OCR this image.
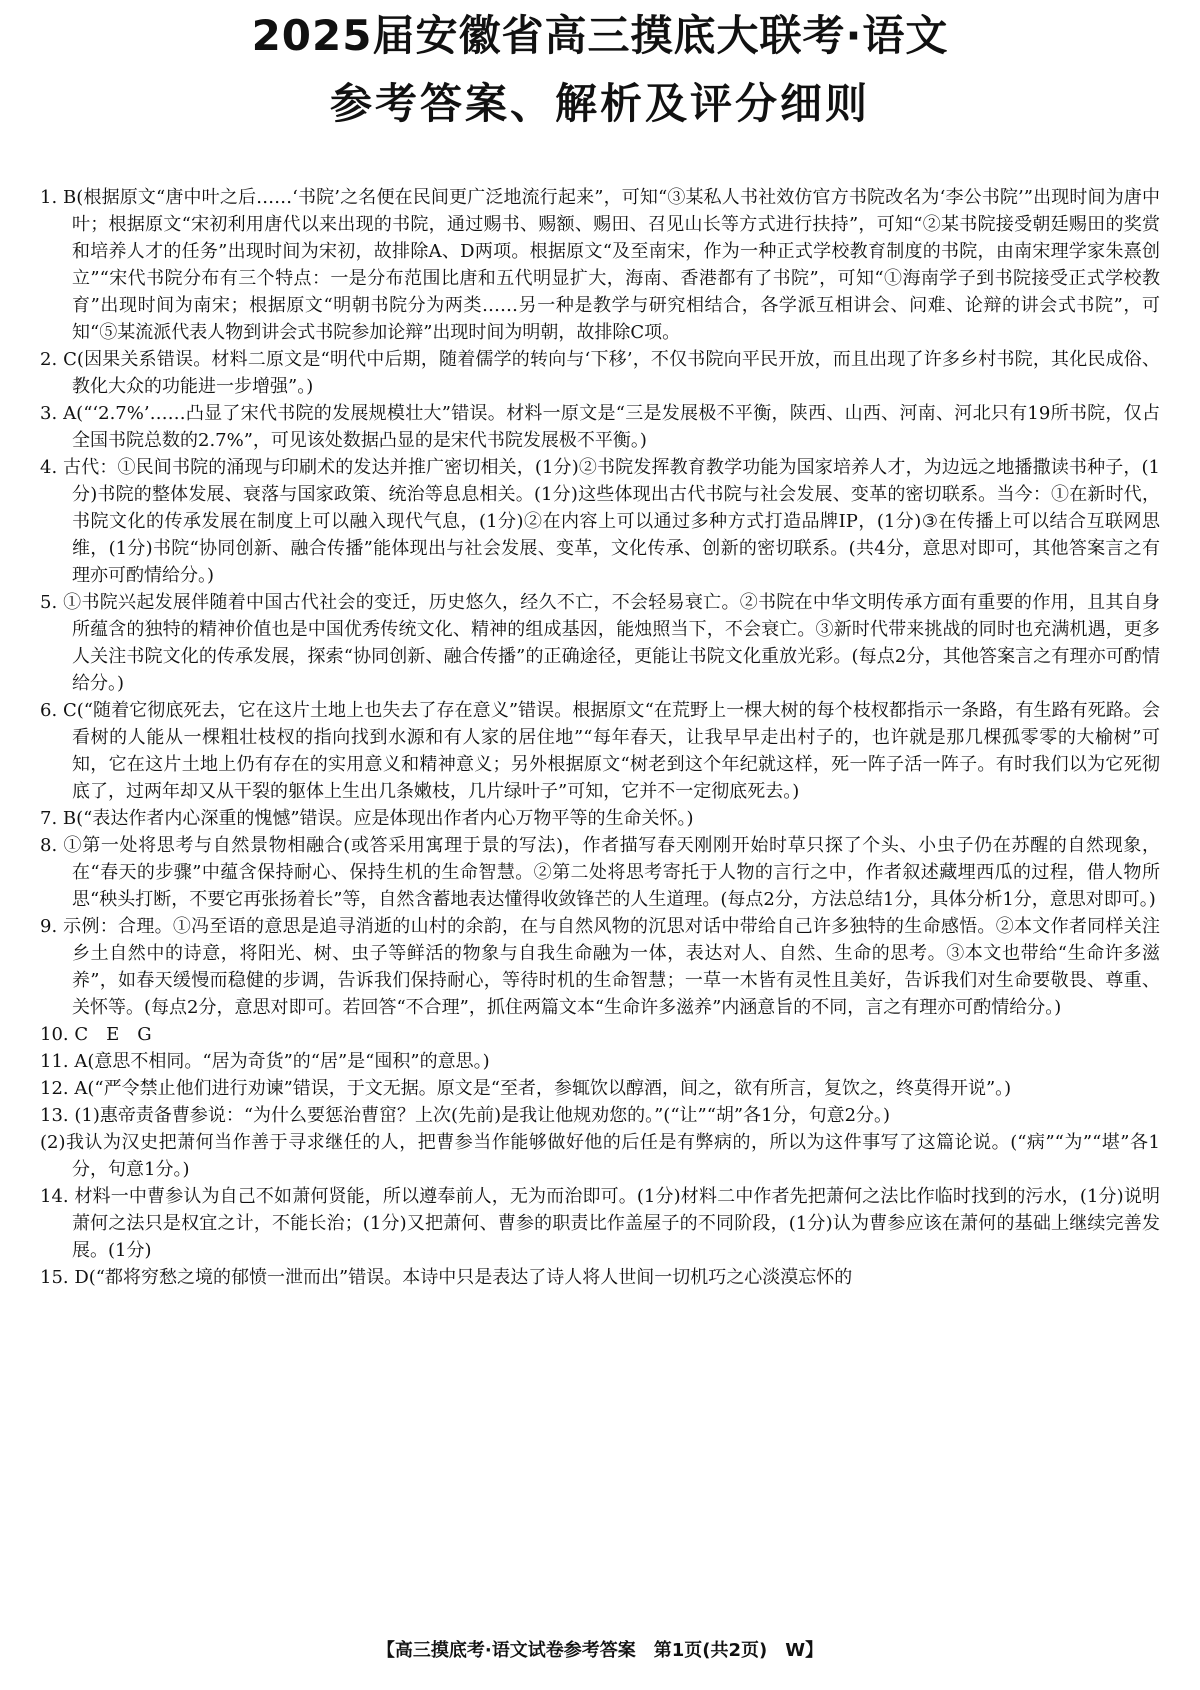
2025届安徽省高三摸底大联考·语文
参考答案、解析及评分细则

1. B(根据原文“唐中叶之后……‘书院’之名便在民间更广泛地流行起来”，可知“③某私人书社效仿官方书院改名为‘李公书院’”出现时间为唐中叶；根据原文“宋初利用唐代以来出现的书院，通过赐书、赐额、赐田、召见山长等方式进行扶持”，可知“②某书院接受朝廷赐田的奖赏和培养人才的任务”出现时间为宋初，故排除A、D两项。根据原文“及至南宋，作为一种正式学校教育制度的书院，由南宋理学家朱熹创立”“宋代书院分布有三个特点：一是分布范围比唐和五代明显扩大，海南、香港都有了书院”，可知“①海南学子到书院接受正式学校教育”出现时间为南宋；根据原文“明朝书院分为两类……另一种是教学与研究相结合，各学派互相讲会、问难、论辩的讲会式书院”，可知“⑤某流派代表人物到讲会式书院参加论辩”出现时间为明朝，故排除C项。

2. C(因果关系错误。材料二原文是“明代中后期，随着儒学的转向与‘下移’，不仅书院向平民开放，而且出现了许多乡村书院，其化民成俗、教化大众的功能进一步增强”。)

3. A(“‘2.7%’……凸显了宋代书院的发展规模壮大”错误。材料一原文是“三是发展极不平衡，陕西、山西、河南、河北只有19所书院，仅占全国书院总数的2.7%”，可见该处数据凸显的是宋代书院发展极不平衡。)

4. 古代：①民间书院的涌现与印刷术的发达并推广密切相关，(1分)②书院发挥教育教学功能为国家培养人才，为边远之地播撒读书种子，(1分)书院的整体发展、衰落与国家政策、统治等息息相关。(1分)这些体现出古代书院与社会发展、变革的密切联系。当今：①在新时代，书院文化的传承发展在制度上可以融入现代气息，(1分)②在内容上可以通过多种方式打造品牌IP，(1分)③在传播上可以结合互联网思维，(1分)书院“协同创新、融合传播”能体现出与社会发展、变革，文化传承、创新的密切联系。(共4分，意思对即可，其他答案言之有理亦可酌情给分。)

5. ①书院兴起发展伴随着中国古代社会的变迁，历史悠久，经久不亡，不会轻易衰亡。②书院在中华文明传承方面有重要的作用，且其自身所蕴含的独特的精神价值也是中国优秀传统文化、精神的组成基因，能烛照当下，不会衰亡。③新时代带来挑战的同时也充满机遇，更多人关注书院文化的传承发展，探索“协同创新、融合传播”的正确途径，更能让书院文化重放光彩。(每点2分，其他答案言之有理亦可酌情给分。)

6. C(“随着它彻底死去，它在这片土地上也失去了存在意义”错误。根据原文“在荒野上一棵大树的每个枝杈都指示一条路，有生路有死路。会看树的人能从一棵粗壮枝杈的指向找到水源和有人家的居住地”“每年春天，让我早早走出村子的，也许就是那几棵孤零零的大榆树”可知，它在这片土地上仍有存在的实用意义和精神意义；另外根据原文“树老到这个年纪就这样，死一阵子活一阵子。有时我们以为它死彻底了，过两年却又从干裂的躯体上生出几条嫩枝，几片绿叶子”可知，它并不一定彻底死去。)

7. B(“表达作者内心深重的愧憾”错误。应是体现出作者内心万物平等的生命关怀。)

8. ①第一处将思考与自然景物相融合(或答采用寓理于景的写法)，作者描写春天刚刚开始时草只探了个头、小虫子仍在苏醒的自然现象，在“春天的步骤”中蕴含保持耐心、保持生机的生命智慧。②第二处将思考寄托于人物的言行之中，作者叙述藏埋西瓜的过程，借人物所思“秧头打断，不要它再张扬着长”等，自然含蓄地表达懂得收敛锋芒的人生道理。(每点2分，方法总结1分，具体分析1分，意思对即可。)

9. 示例：合理。①冯至语的意思是追寻消逝的山村的余韵，在与自然风物的沉思对话中带给自己许多独特的生命感悟。②本文作者同样关注乡土自然中的诗意，将阳光、树、虫子等鲜活的物象与自我生命融为一体，表达对人、自然、生命的思考。③本文也带给“生命许多滋养”，如春天缓慢而稳健的步调，告诉我们保持耐心，等待时机的生命智慧；一草一木皆有灵性且美好，告诉我们对生命要敬畏、尊重、关怀等。(每点2分，意思对即可。若回答“不合理”，抓住两篇文本“生命许多滋养”内涵意旨的不同，言之有理亦可酌情给分。)

10. C　E　G

11. A(意思不相同。“居为奇货”的“居”是“囤积”的意思。)

12. A(“严令禁止他们进行劝谏”错误，于文无据。原文是“至者，参辄饮以醇酒，间之，欲有所言，复饮之，终莫得开说”。)

13. (1)惠帝责备曹参说：“为什么要惩治曹窋？上次(先前)是我让他规劝您的。”(“让”“胡”各1分，句意2分。)

(2)我认为汉史把萧何当作善于寻求继任的人，把曹参当作能够做好他的后任是有弊病的，所以为这件事写了这篇论说。(“病”“为”“堪”各1分，句意1分。)

14. 材料一中曹参认为自己不如萧何贤能，所以遵奉前人，无为而治即可。(1分)材料二中作者先把萧何之法比作临时找到的污水，(1分)说明萧何之法只是权宜之计，不能长治；(1分)又把萧何、曹参的职责比作盖屋子的不同阶段，(1分)认为曹参应该在萧何的基础上继续完善发展。(1分)

15. D(“都将穷愁之境的郁愤一泄而出”错误。本诗中只是表达了诗人将人世间一切机巧之心淡漠忘怀的

【高三摸底考·语文试卷参考答案　第1页(共2页)　W】
